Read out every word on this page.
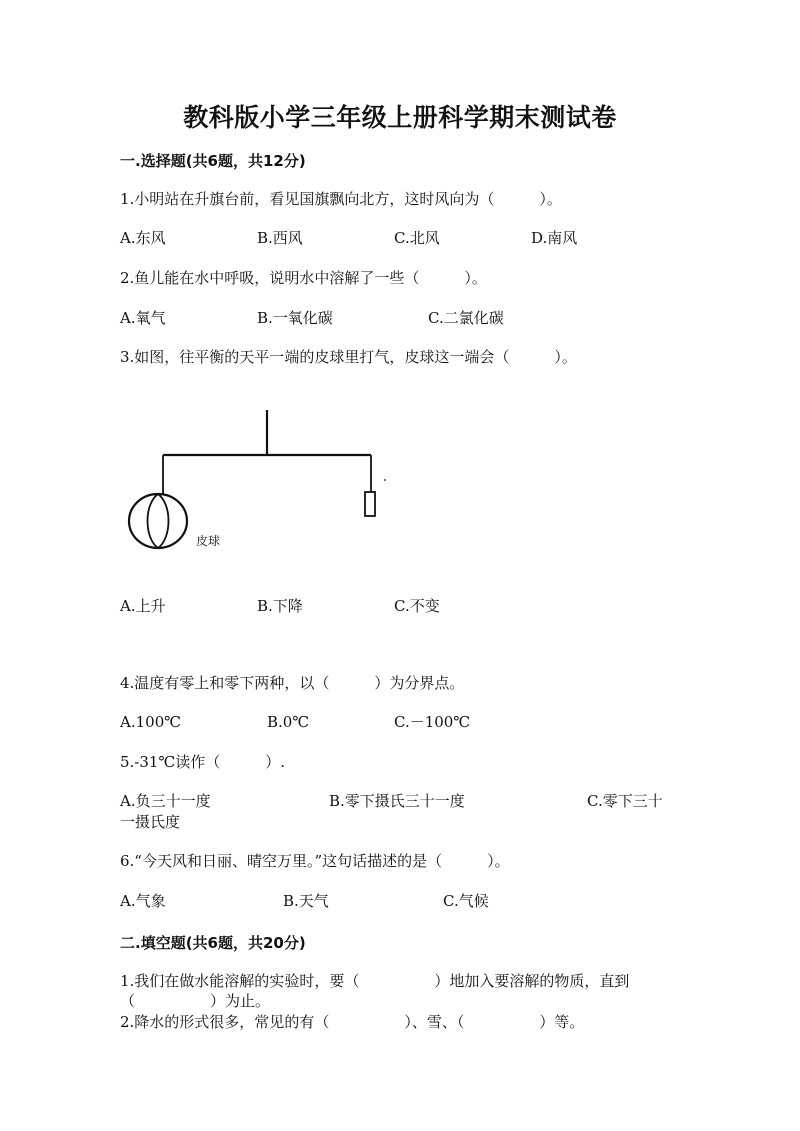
教科版小学三年级上册科学期末测试卷
一.选择题(共6题，共12分)
1.小明站在升旗台前，看见国旗飘向北方，这时风向为（　　　）。
A.东风	B.西风	C.北风	D.南风
2.鱼儿能在水中呼吸，说明水中溶解了一些（　　　）。
A.氧气	B.一氧化碳	C.二氯化碳
3.如图，往平衡的天平一端的皮球里打气，皮球这一端会（　　　）。
皮球
A.上升	B.下降	C.不变
4.温度有零上和零下两种，以（　　　）为分界点。
A.100℃	B.0℃	C.－100℃
5.-31℃读作（　　　）.
A.负三十一度	B.零下摄氏三十一度	C.零下三十
一摄氏度
6.“今天风和日丽、晴空万里。”这句话描述的是（　　　）。
A.气象	B.天气	C.气候
二.填空题(共6题，共20分)
1.我们在做水能溶解的实验时，要（　　　　　）地加入要溶解的物质，直到
（　　　　　）为止。
2.降水的形式很多，常见的有（　　　　　）、雪、（　　　　　）等。
